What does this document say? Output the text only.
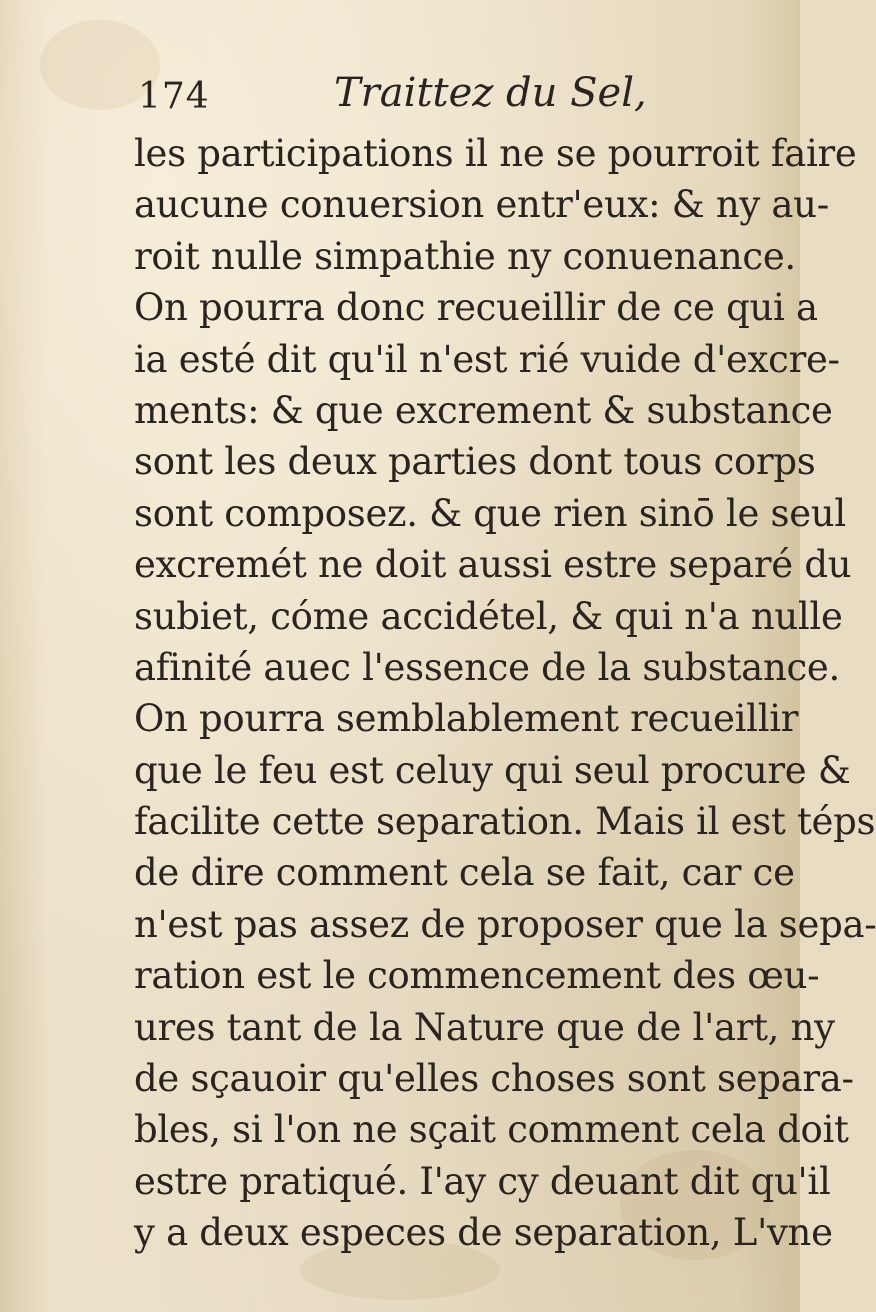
174	Traittez du Sel,
les participations il ne se pourroit faire
aucune conuersion entr'eux: & ny au-
roit nulle simpathie ny conuenance.
On pourra donc recueillir de ce qui a
ia esté dit qu'il n'est rié vuide d'excre-
ments: & que excrement & substance
sont les deux parties dont tous corps
sont composez. & que rien sinō le seul
excremét ne doit aussi estre separé du
subiet, cóme accidétel, & qui n'a nulle
afinité auec l'essence de la substance.
On pourra semblablement recueillir
que le feu est celuy qui seul procure &
facilite cette separation. Mais il est téps
de dire comment cela se fait, car ce
n'est pas assez de proposer que la sepa-
ration est le commencement des œu-
ures tant de la Nature que de l'art, ny
de sçauoir qu'elles choses sont separa-
bles, si l'on ne sçait comment cela doit
estre pratiqué. I'ay cy deuant dit qu'il
y a deux especes de separation, L'vne
